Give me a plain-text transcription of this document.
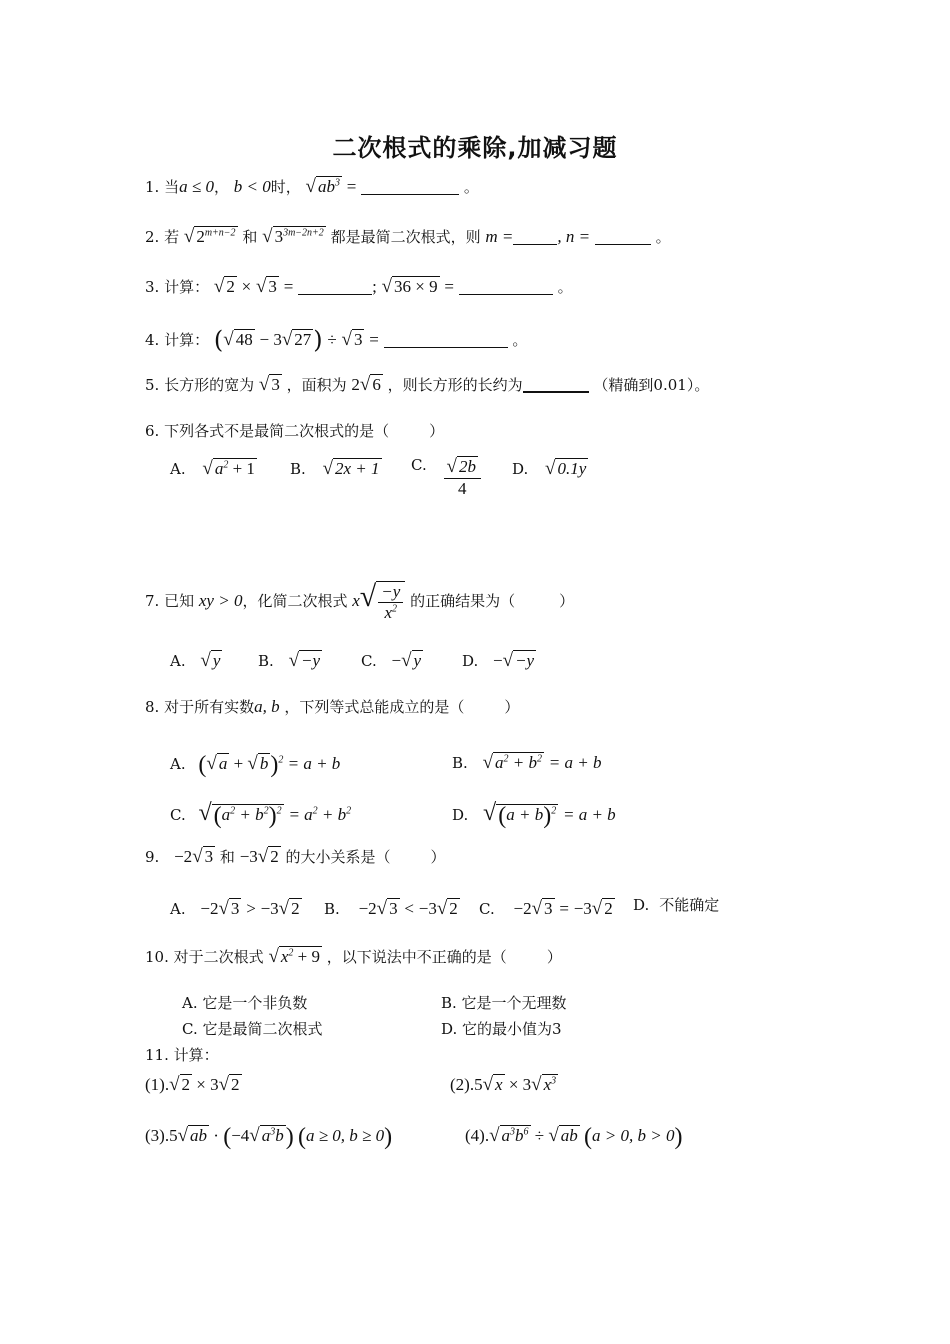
二次根式的乘除,加减习题
1. 当a ≤ 0， b < 0时， √ $ab^3$ =	。
2. 若 √ $2^{m+n-2}$ 和 √ $3^{3m-2n+2}$ 都是最简二次根式，则 m =	, n =	。
3. 计算： √ 2 × √ 3 =	; √ 36 × 9 =	。
4. 计算： (√ 48 − 3√ 27) ÷ √ 3 =	。
5. 长方形的宽为 √ 3 ，面积为 2√ 6 ，则长方形的长约为	（精确到0.01）。
6. 下列各式不是最简二次根式的是（	）
A. √ $a^2 + 1$ B. √ 2x + 1 C. $\frac{√ 2b}{4} D$. √ 0.1y
7. 已知 xy > 0，化简二次根式 $x√ \frac{-y}{x^2}$ 的正确结果为（	）
A. √ y	B. √ −y	C. −√ y	D. −√ −y
8. 对于所有实数a, b ，下列等式总能成立的是（	）
A. (√ a + √ b)$^2$ = a + b	B. √ $a^2 + b^2 = a + b$
C. $√(a^2 + b^2)^2 = a^2 + b^2$	D. $√(a + b)^2 = a + b$
9. −2√ 3 和 −3√ 2 的大小关系是（	）
A. −2√ 3 > −3√ 2 B. −2√ 3 < −3√ 2 C. −2√ 3 = −3√ 2 D. 不能确定
10. 对于二次根式 √ $x^2 + 9$ ，以下说法中不正确的是（	）
A. 它是一个非负数	B. 它是一个无理数
C. 它是最简二次根式	D. 它的最小值为3
11. 计算：
(1).√ 2 × 3√ 2	(2).5√ x × 3√ $x^3$
(3).5√ ab · (−4√ $a^3b$) (a ≥ 0, b ≥ 0)	(4).√ $a^3b^6$ ÷ √ ab (a > 0, b > 0)
